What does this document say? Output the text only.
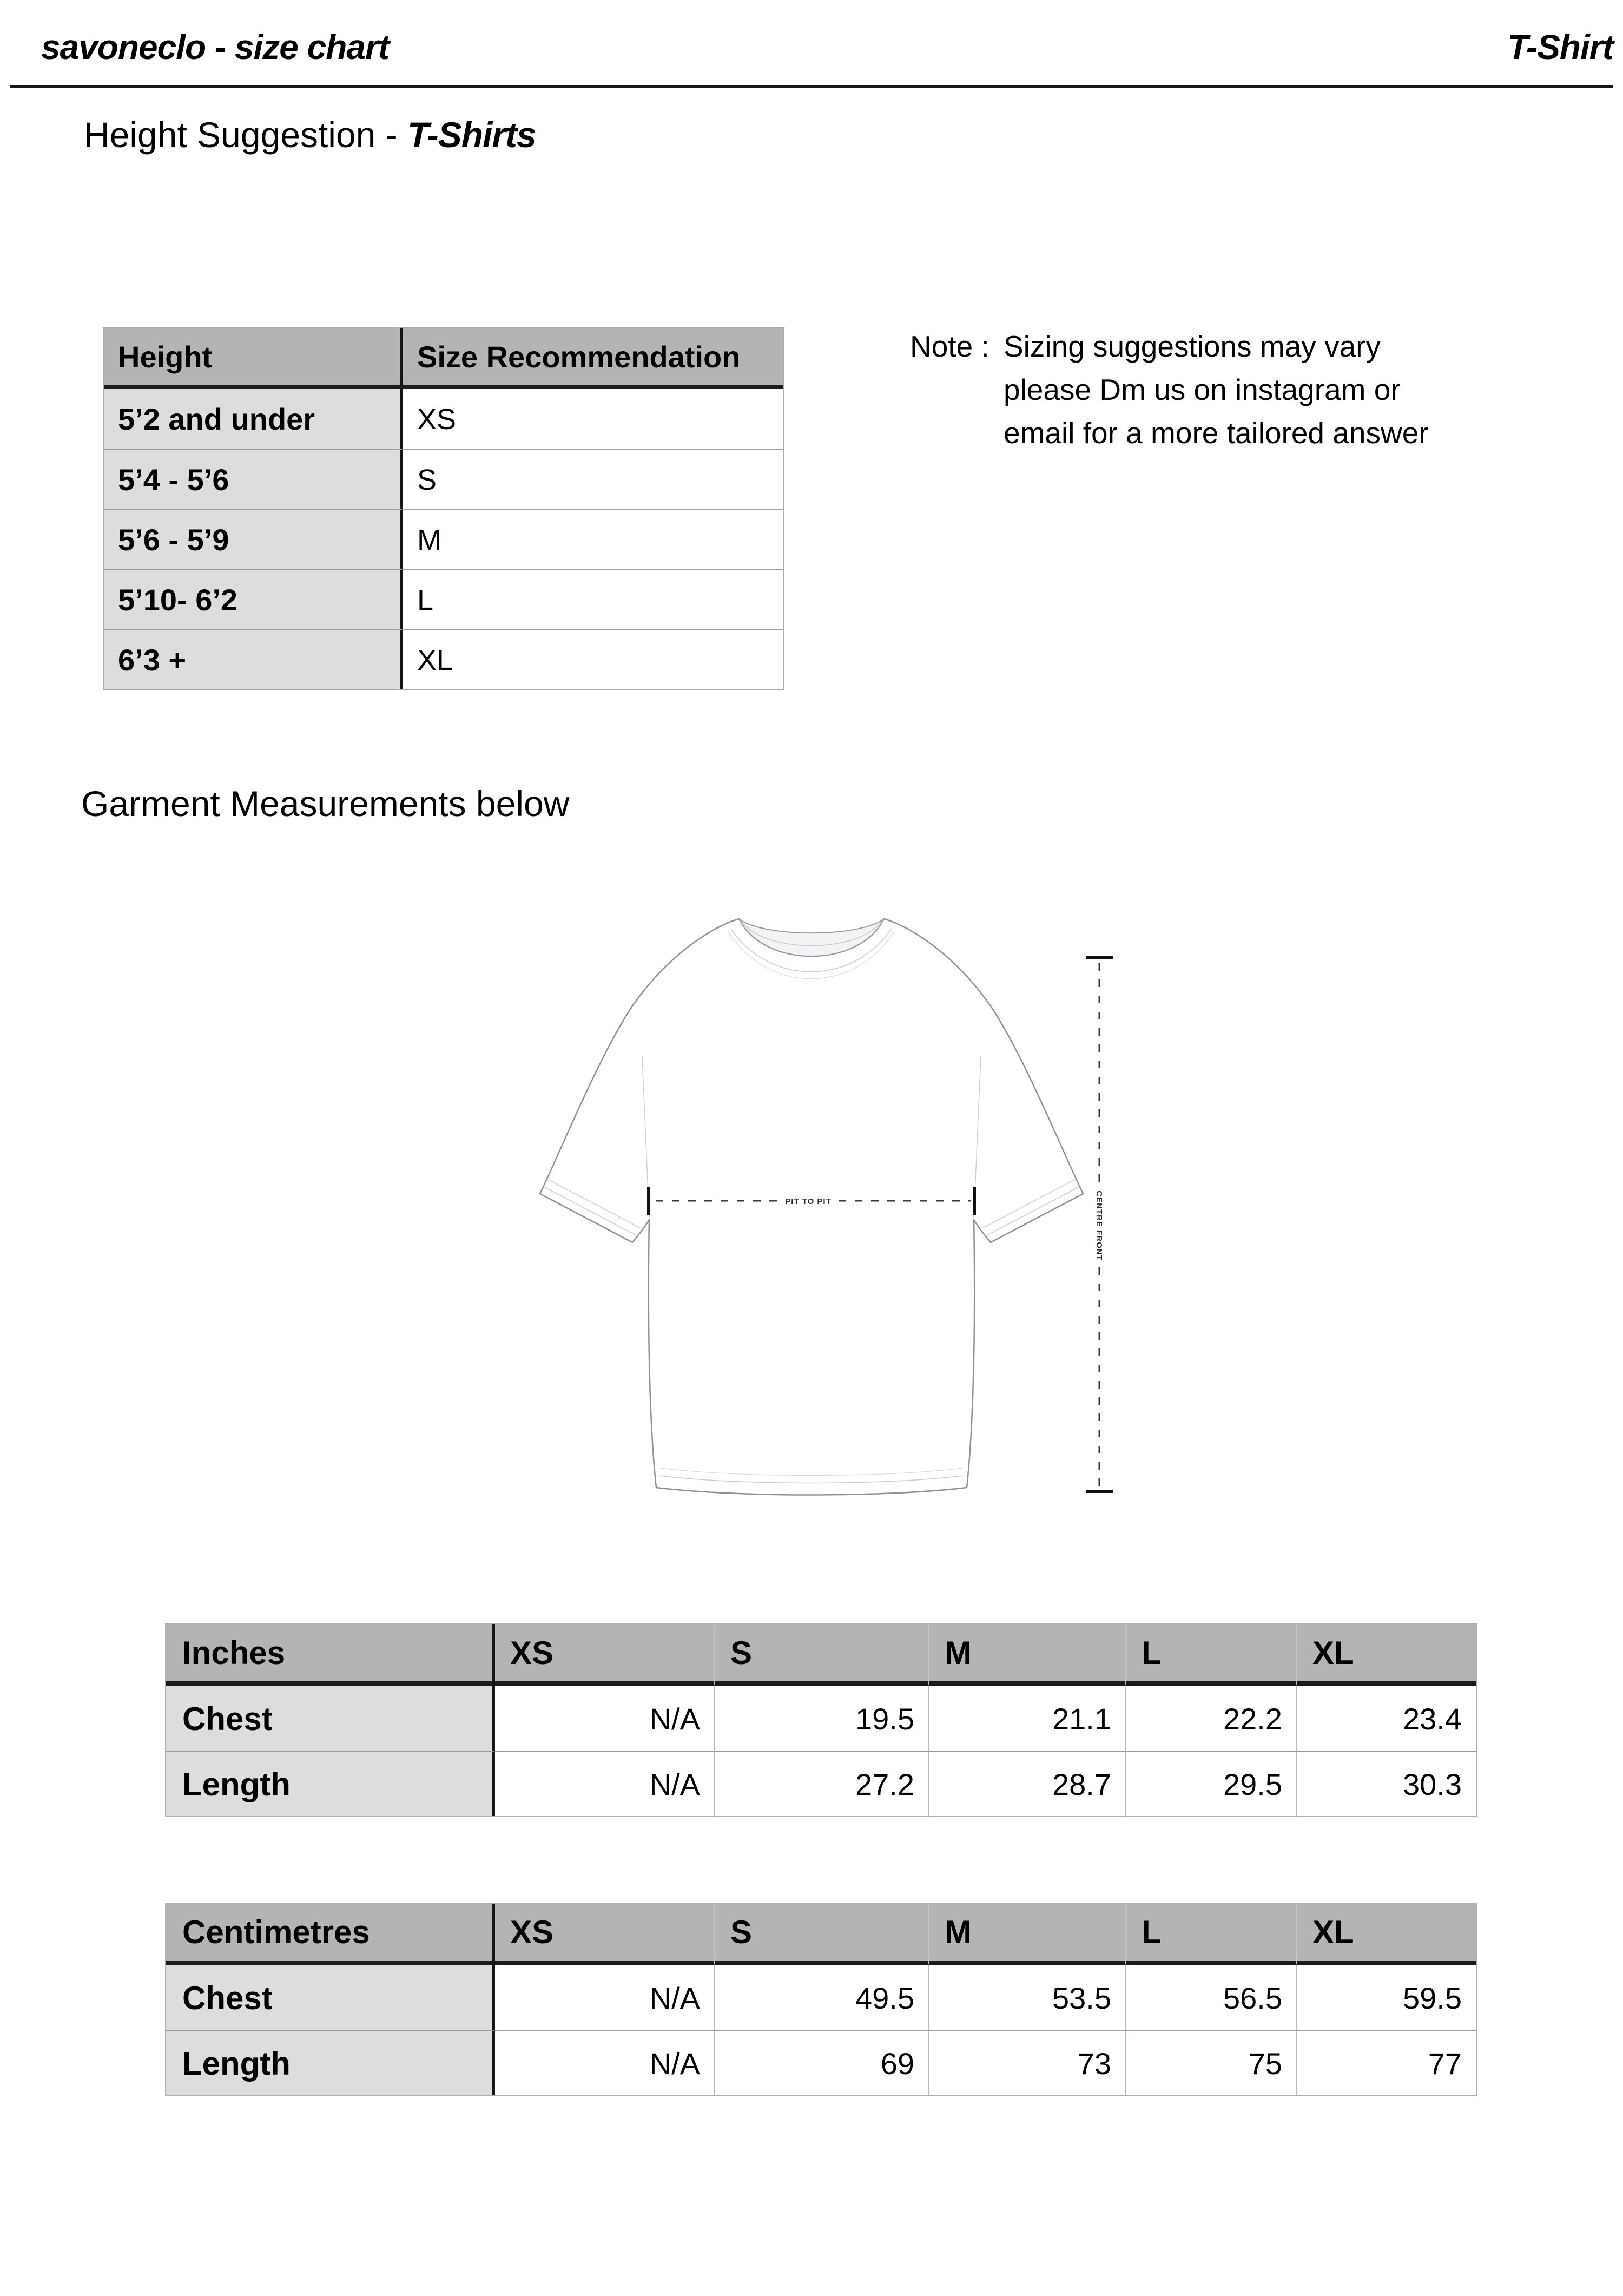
savoneclo - size chart	T-Shirt
Height Suggestion - T-Shirts
Height	Size Recommendation
5’2 and under	XS
5’4 - 5’6	S
5’6 - 5’9	M
5’10- 6’2	L
6’3 +	XL
Note : Sizing suggestions may vary
please Dm us on instagram or
email for a more tailored answer
Garment Measurements below
PIT TO PIT	CENTRE FRONT
Inches	XS	S	M	L	XL
Chest	N/A	19.5	21.1	22.2	23.4
Length	N/A	27.2	28.7	29.5	30.3
Centimetres	XS	S	M	L	XL
Chest	N/A	49.5	53.5	56.5	59.5
Length	N/A	69	73	75	77
